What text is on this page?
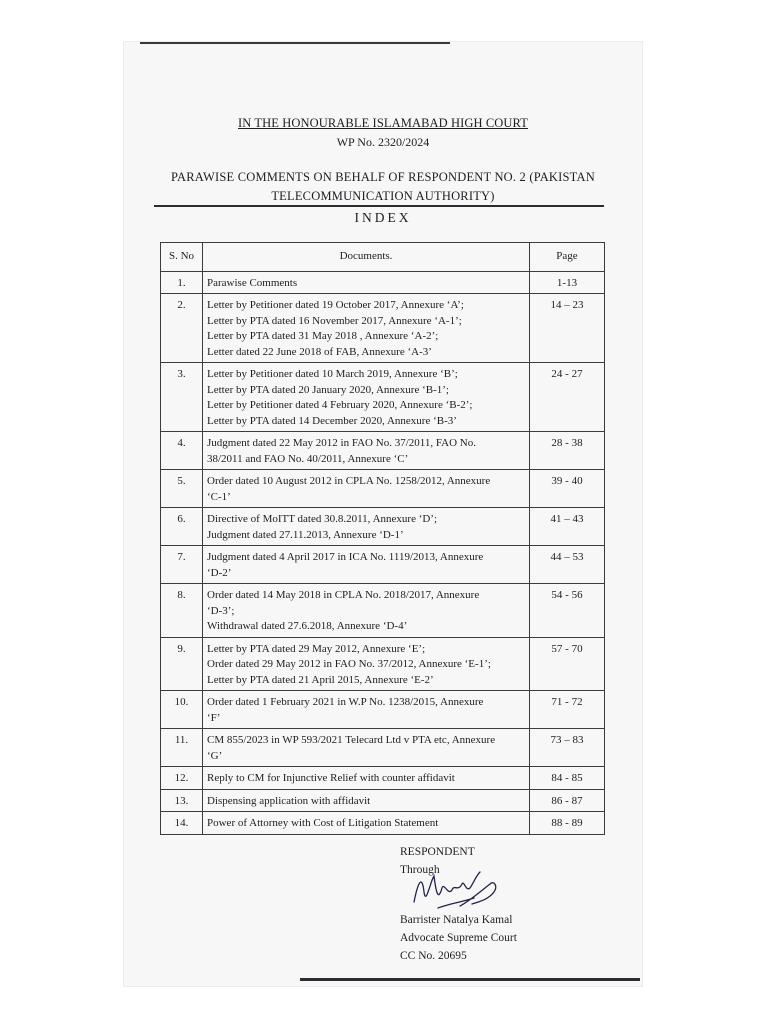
IN THE HONOURABLE ISLAMABAD HIGH COURT
WP No. 2320/2024
PARAWISE COMMENTS ON BEHALF OF RESPONDENT NO. 2 (PAKISTAN
TELECOMMUNICATION AUTHORITY)
INDEX
S. No	Documents.	Page
1.	Parawise Comments	1-13
2.	Letter by Petitioner dated 19 October 2017, Annexure ‘A’;
Letter by PTA dated 16 November 2017, Annexure ‘A-1’;
Letter by PTA dated 31 May 2018 , Annexure ‘A-2’;
Letter dated 22 June 2018 of FAB, Annexure ‘A-3’	14 – 23
3.	Letter by Petitioner dated 10 March 2019, Annexure ‘B’;
Letter by PTA dated 20 January 2020, Annexure ‘B-1’;
Letter by Petitioner dated 4 February 2020, Annexure ‘B-2’;
Letter by PTA dated 14 December 2020, Annexure ‘B-3’	24 - 27
4.	Judgment dated 22 May 2012 in FAO No. 37/2011, FAO No.
38/2011 and FAO No. 40/2011, Annexure ‘C’	28 - 38
5.	Order dated 10 August 2012 in CPLA No. 1258/2012, Annexure
‘C-1’	39 - 40
6.	Directive of MoITT dated 30.8.2011, Annexure ‘D’;
Judgment dated 27.11.2013, Annexure ‘D-1’	41 – 43
7.	Judgment dated 4 April 2017 in ICA No. 1119/2013, Annexure
‘D-2’	44 – 53
8.	Order dated 14 May 2018 in CPLA No. 2018/2017, Annexure
‘D-3’;
Withdrawal dated 27.6.2018, Annexure ‘D-4’	54 - 56
9.	Letter by PTA dated 29 May 2012, Annexure ‘E’;
Order dated 29 May 2012 in FAO No. 37/2012, Annexure ‘E-1’;
Letter by PTA dated 21 April 2015, Annexure ‘E-2’	57 - 70
10.	Order dated 1 February 2021 in W.P No. 1238/2015, Annexure
‘F’	71 - 72
11.	CM 855/2023 in WP 593/2021 Telecard Ltd v PTA etc, Annexure
‘G’	73 – 83
12.	Reply to CM for Injunctive Relief with counter affidavit	84 - 85
13.	Dispensing application with affidavit	86 - 87
14.	Power of Attorney with Cost of Litigation Statement	88 - 89
RESPONDENT
Through
Barrister Natalya Kamal
Advocate Supreme Court
CC No. 20695
